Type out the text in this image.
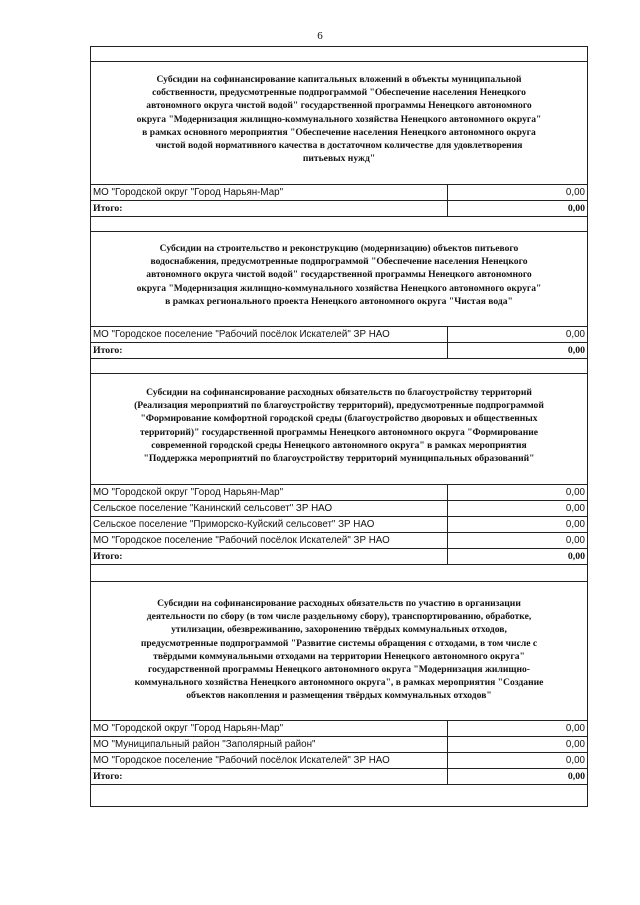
6
Субсидии на софинансирование капитальных вложений в объекты муниципальной
собственности, предусмотренные подпрограммой "Обеспечение населения Ненецкого
автономного округа чистой водой" государственной программы Ненецкого автономного
округа "Модернизация жилищно-коммунального хозяйства Ненецкого автономного округа"
в рамках основного мероприятия "Обеспечение населения Ненецкого автономного округа
чистой водой нормативного качества в достаточном количестве для удовлетворения
питьевых нужд"
МО "Городской округ "Город Нарьян-Мар"	0,00
Итого:	0,00
Субсидии на строительство и реконструкцию (модернизацию) объектов питьевого
водоснабжения, предусмотренные подпрограммой "Обеспечение населения Ненецкого
автономного округа чистой водой" государственной программы Ненецкого автономного
округа "Модернизация жилищно-коммунального хозяйства Ненецкого автономного округа"
в рамках регионального проекта Ненецкого автономного округа "Чистая вода"
МО "Городское поселение "Рабочий посёлок Искателей" ЗР НАО	0,00
Итого:	0,00
Субсидии на софинансирование расходных обязательств по благоустройству территорий
(Реализация мероприятий по благоустройству территорий), предусмотренные подпрограммой
"Формирование комфортной городской среды (благоустройство дворовых и общественных
территорий)" государственной программы Ненецкого автономного округа "Формирование
современной городской среды Ненецкого автономного округа" в рамках мероприятия
"Поддержка мероприятий по благоустройству территорий муниципальных образований"
МО "Городской округ "Город Нарьян-Мар"	0,00
Сельское поселение "Канинский сельсовет" ЗР НАО	0,00
Сельское поселение "Приморско-Куйский сельсовет" ЗР НАО	0,00
МО "Городское поселение "Рабочий посёлок Искателей" ЗР НАО	0,00
Итого:	0,00
Субсидии на софинансирование расходных обязательств по участию в организации
деятельности по сбору (в том числе раздельному сбору), транспортированию, обработке,
утилизации, обезвреживанию, захоронению твёрдых коммунальных отходов,
предусмотренные подпрограммой "Развитие системы обращения с отходами, в том числе с
твёрдыми коммунальными отходами на территории Ненецкого автономного округа"
государственной программы Ненецкого автономного округа "Модернизация жилищно-
коммунального хозяйства Ненецкого автономного округа", в рамках мероприятия "Создание
объектов накопления и размещения твёрдых коммунальных отходов"
МО "Городской округ "Город Нарьян-Мар"	0,00
МО "Муниципальный район "Заполярный район"	0,00
МО "Городское поселение "Рабочий посёлок Искателей" ЗР НАО	0,00
Итого:	0,00
